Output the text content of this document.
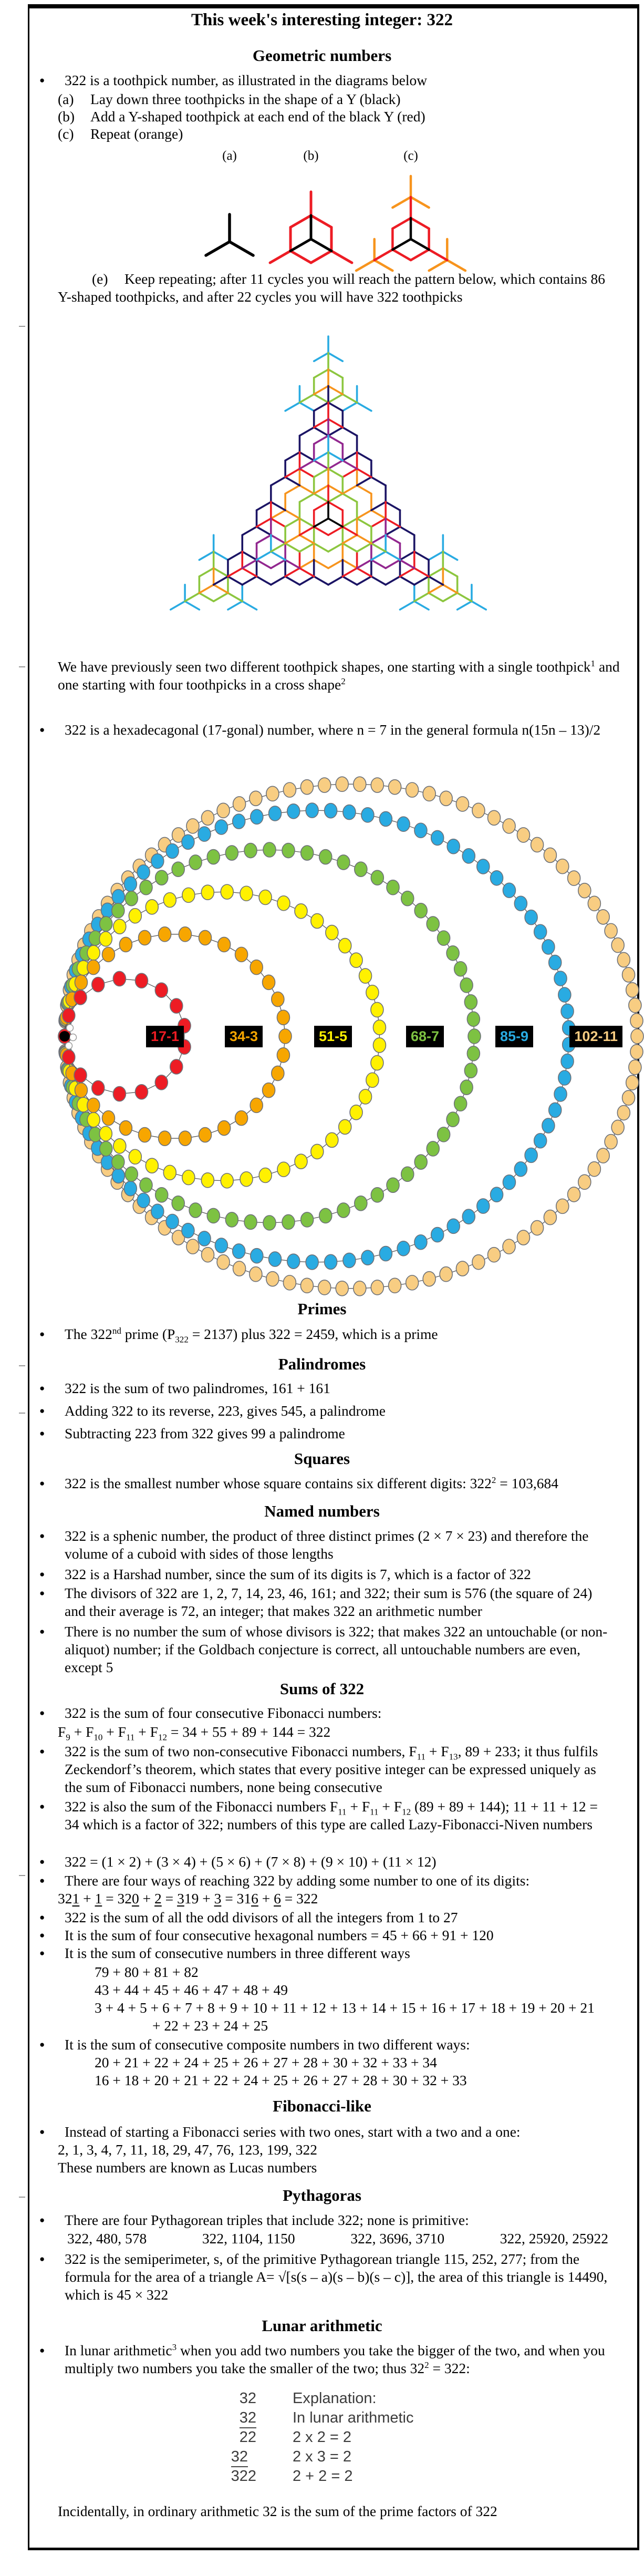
This week's interesting integer: 322
Geometric numbers
●	322 is a toothpick number, as illustrated in the diagrams below
(a) Lay down three toothpicks in the shape of a Y (black)
(b) Add a Y-shaped toothpick at each end of the black Y (red)
(c) Repeat (orange)
(a)	(b)	(c)
(e) Keep repeating; after 11 cycles you will reach the pattern below, which contains 86 Y-shaped toothpicks, and after 22 cycles you will have 322 toothpicks
We have previously seen two different toothpick shapes, one starting with a single toothpick$^1$ and one starting with four toothpicks in a cross shape$^2$
●	322 is a hexadecagonal (17-gonal) number, where n = 7 in the general formula n(15n – 13)/2
17-1	34-3	51-5	68-7	85-9	102-11
Primes
●	The 322nd prime $(P_{322} = 2137)$ plus 322 = 2459, which is a prime
Palindromes
●	322 is the sum of two palindromes, 161 + 161
●	Adding 322 to its reverse, 223, gives 545, a palindrome
●	Subtracting 223 from 322 gives 99 a palindrome
Squares
●	322 is the smallest number whose square contains six different digits: $322^2 = 103,684$
Named numbers
●	322 is a sphenic number, the product of three distinct primes (2 × 7 × 23) and therefore the volume of a cuboid with sides of those lengths
●	322 is a Harshad number, since the sum of its digits is 7, which is a factor of 322
●	The divisors of 322 are 1, 2, 7, 14, 23, 46, 161; and 322; their sum is 576 (the square of 24) and their average is 72, an integer; that makes 322 an arithmetic number
●	There is no number the sum of whose divisors is 322; that makes 322 an untouchable (or non-aliquot) number; if the Goldbach conjecture is correct, all untouchable numbers are even, except 5
Sums of 322
●	322 is the sum of four consecutive Fibonacci numbers:
$F_9 + F_{10} + F_{11} + F_{12} = 34 + 55 + 89 + 144 = 322$
●	322 is the sum of two non-consecutive Fibonacci numbers, $F_{11} + F_{13}$, 89 + 233; it thus fulfils Zeckendorf’s theorem, which states that every positive integer can be expressed uniquely as the sum of Fibonacci numbers, none being consecutive
●	322 is also the sum of the Fibonacci numbers $F_{11} + F_{11} + F_{12}$ (89 + 89 + 144); 11 + 11 + 12 = 34 which is a factor of 322; numbers of this type are called Lazy-Fibonacci-Niven numbers
●	322 = (1 × 2) + (3 × 4) + (5 × 6) + (7 × 8) + (9 × 10) + (11 × 12)
●	There are four ways of reaching 322 by adding some number to one of its digits:
321 + 1 = 320 + 2 = 319 + 3 = 316 + 6 = 322
●	322 is the sum of all the odd divisors of all the integers from 1 to 27
●	It is the sum of four consecutive hexagonal numbers = 45 + 66 + 91 + 120
●	It is the sum of consecutive numbers in three different ways
79 + 80 + 81 + 82
43 + 44 + 45 + 46 + 47 + 48 + 49
3 + 4 + 5 + 6 + 7 + 8 + 9 + 10 + 11 + 12 + 13 + 14 + 15 + 16 + 17 + 18 + 19 + 20 + 21
+ 22 + 23 + 24 + 25
●	It is the sum of consecutive composite numbers in two different ways:
20 + 21 + 22 + 24 + 25 + 26 + 27 + 28 + 30 + 32 + 33 + 34
16 + 18 + 20 + 21 + 22 + 24 + 25 + 26 + 27 + 28 + 30 + 32 + 33
Fibonacci-like
●	Instead of starting a Fibonacci series with two ones, start with a two and a one:
2, 1, 3, 4, 7, 11, 18, 29, 47, 76, 123, 199, 322
These numbers are known as Lucas numbers
Pythagoras
●	There are four Pythagorean triples that include 322; none is primitive:
322, 480, 578	322, 1104, 1150	322, 3696, 3710	322, 25920, 25922
●	322 is the semiperimeter, s, of the primitive Pythagorean triangle 115, 252, 277; from the formula for the area of a triangle A= √[s(s – a)(s – b)(s – c)], the area of this triangle is 14490, which is 45 × 322
Lunar arithmetic
●	In lunar arithmetic$^3$ when you add two numbers you take the bigger of the two, and when you multiply two numbers you take the smaller of the two; thus $32^2 = 322$:
32 Explanation:
32 In lunar arithmetic
22 2 x 2 = 2
32	2 x 3 = 2
322 2 + 2 = 2
Incidentally, in ordinary arithmetic 32 is the sum of the prime factors of 322
